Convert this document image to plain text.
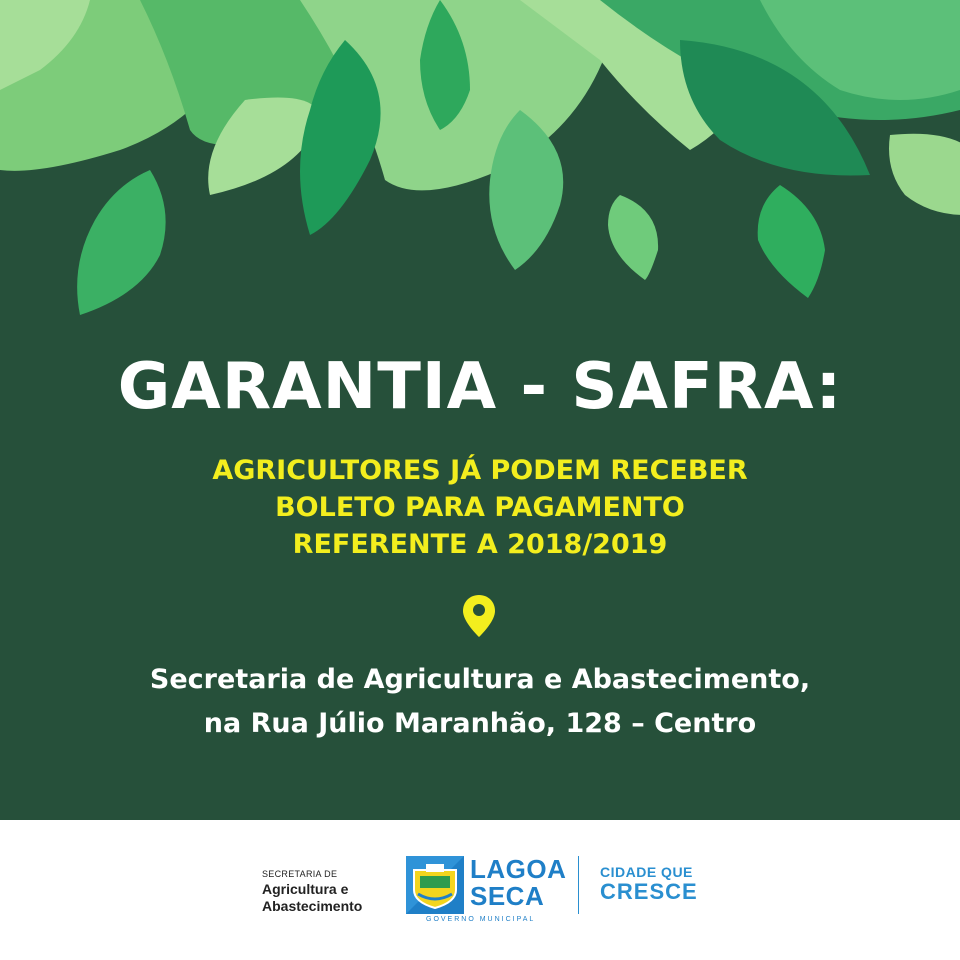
GARANTIA - SAFRA:
AGRICULTORES JÁ PODEM RECEBER
BOLETO PARA PAGAMENTO
REFERENTE A 2018/2019
Secretaria de Agricultura e Abastecimento,
na Rua Júlio Maranhão, 128 – Centro
SECRETARIA DE
Agricultura e
Abastecimento
LAGOA
SECA
GOVERNO MUNICIPAL
CIDADE QUE
CRESCE
